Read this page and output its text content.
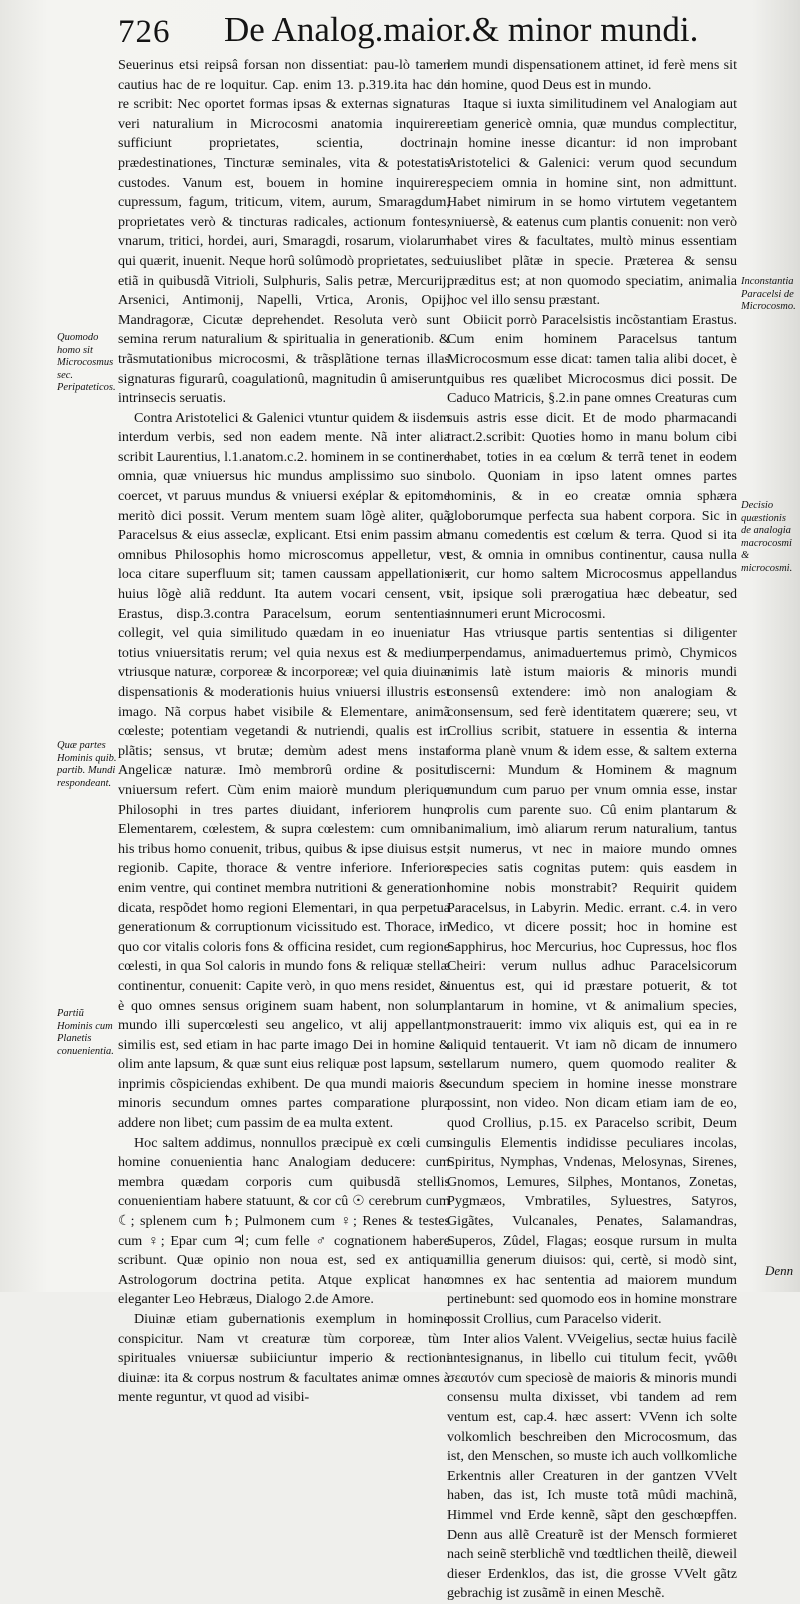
726 De Analog.maior.& minor mundi.

Seuerinus etsi reipsâ forsan non dissentiat: pau-lò tamen cautius hac de re loquitur. Cap. enim 13. p.319.ita hac de re scribit: Nec oportet formas ipsas & externas signaturas veri naturalium in Microcosmi anatomia inquirere: sufficiunt proprietates, scientia, doctrina, prædestinationes, Tincturæ seminales, vita & potestatis custodes. Vanum est, bouem in homine inquirere, cupressum, fagum, triticum, vitem, aurum, Smaragdum, proprietates verò & tincturas radicales, actionum fontes, vnarum, tritici, hordei, auri, Smaragdi, rosarum, violarum qui quærit, inuenit. Neque horû solûmodò proprietates, sed etiã in quibusdã Vitrioli, Sulphuris, Salis petræ, Mercurij, Arsenici, Antimonij, Napelli, Vrtica, Aronis, Opij, Mandragoræ, Cicutæ deprehendet. Resoluta verò sunt semina rerum naturalium & spiritualia in generationib. & trãsmutationibus microcosmi, & trãsplãtione ternas illas signaturas figurarû, coagulationû, magnitudin û amiserunt, intrinsecis seruatis.

Contra Aristotelici & Galenici vtuntur quidem & iisdem interdum verbis, sed non eadem mente. Nã inter alia scribit Laurentius, l.1.anatom.c.2. hominem in se continere omnia, quæ vniuersus hic mundus amplissimo suo sinu coercet, vt paruus mundus & vniuersi exéplar & epitome meritò dici possit. Verum mentem suam lõgè aliter, quã Paracelsus & eius asseclæ, explicant. Etsi enim passim ab omnibus Philosophis homo microscomus appelletur, vt loca citare superfluum sit; tamen caussam appellationis huius lõgè aliã reddunt. Ita autem vocari censent, vt Erastus, disp.3.contra Paracelsum, eorum sententias collegit, vel quia similitudo quædam in eo inueniatur totius vniuersitatis rerum; vel quia nexus est & medium vtriusque naturæ, corporeæ & incorporeæ; vel quia diuinæ dispensationis & moderationis huius vniuersi illustris est imago. Nã corpus habet visibile & Elementare, animã cœleste; potentiam vegetandi & nutriendi, qualis est in plãtis; sensus, vt brutæ; demùm adest mens instar Angelicæ naturæ. Imò membrorû ordine & positu vniuersum refert. Cùm enim maiorè mundum plerique Philosophi in tres partes diuidant, inferiorem hunc Elementarem, cœlestem, & supra cœlestem: cum omnib. his tribus homo conuenit, tribus, quibus & ipse diuisus est, regionib. Capite, thorace & ventre inferiore. Inferiore enim ventre, qui continet membra nutritioni & generationi dicata, respõdet homo regioni Elementari, in qua perpetua generationum & corruptionum vicissitudo est. Thorace, in quo cor vitalis coloris fons & officina residet, cum regione cœlesti, in qua Sol caloris in mundo fons & reliquæ stellæ continentur, conuenit: Capite verò, in quo mens residet, & è quo omnes sensus originem suam habent, non solum mundo illi supercœlesti seu angelico, vt alij appellant, similis est, sed etiam in hac parte imago Dei in homine & olim ante lapsum, & quæ sunt eius reliquæ post lapsum, se inprimis cõspiciendas exhibent. De qua mundi maioris & minoris secundum omnes partes comparatione plura addere non libet; cum passim de ea multa extent.

Hoc saltem addimus, nonnullos præcipuè ex cœli cum homine conuenientia hanc Analogiam deducere: cum membra quædam corporis cum quibusdã stellis conuenientiam habere statuunt, & cor cû ☉ cerebrum cum ☾; splenem cum ♄; Pulmonem cum ♀; Renes & testes cum ♀; Epar cum ♃; cum felle ♂ cognationem habere scribunt. Quæ opinio non noua est, sed ex antiqua Astrologorum doctrina petita. Atque explicat hanc eleganter Leo Hebræus, Dialogo 2.de Amore.

Diuinæ etiam gubernationis exemplum in homine conspicitur. Nam vt creaturæ tùm corporeæ, tùm spirituales vniuersæ subiiciuntur imperio & rectioni diuinæ: ita & corpus nostrum & facultates animæ omnes à mente reguntur, vt quod ad visibi-

lem mundi dispensationem attinet, id ferè mens sit in homine, quod Deus est in mundo.

Itaque si iuxta similitudinem vel Analogiam aut etiam genericè omnia, quæ mundus complectitur, in homine inesse dicantur: id non improbant Aristotelici & Galenici: verum quod secundum speciem omnia in homine sint, non admittunt. Habet nimirum in se homo virtutem vegetantem vniuersè, & eatenus cum plantis conuenit: non verò habet vires & facultates, multò minus essentiam cuiuslibet plãtæ in specie. Præterea & sensu præditus est; at non quomodo speciatim, animalia hoc vel illo sensu præstant.

Obiicit porrò Paracelsistis incõstantiam Erastus. Cum enim hominem Paracelsus tantum Microcosmum esse dicat: tamen talia alibi docet, è quibus res quælibet Microcosmus dici possit. De Caduco Matricis, §.2.in pane omnes Creaturas cum suis astris esse dicit. Et de modo pharmacandi tract.2.scribit: Quoties homo in manu bolum cibi habet, toties in ea cœlum & terrã tenet in eodem bolo. Quoniam in ipso latent omnes partes hominis, & in eo creatæ omnia sphæra globorumque perfecta sua habent corpora. Sic in manu comedentis est cœlum & terra. Quod si ita est, & omnia in omnibus continentur, causa nulla erit, cur homo saltem Microcosmus appellandus sit, ipsique soli prærogatiua hæc debeatur, sed innumeri erunt Microcosmi.

Has vtriusque partis sententias si diligenter perpendamus, animaduertemus primò, Chymicos nimis latè istum maioris & minoris mundi consensû extendere: imò non analogiam & consensum, sed ferè identitatem quærere; seu, vt Crollius scribit, statuere in essentia & interna forma planè vnum & idem esse, & saltem externa discerni: Mundum & Hominem & magnum mundum cum paruo per vnum omnia esse, instar prolis cum parente suo. Cû enim plantarum & animalium, imò aliarum rerum naturalium, tantus sit numerus, vt nec in maiore mundo omnes species satis cognitas putem: quis easdem in homine nobis monstrabit? Requirit quidem Paracelsus, in Labyrin. Medic. errant. c.4. in vero Medico, vt dicere possit; hoc in homine est Sapphirus, hoc Mercurius, hoc Cupressus, hoc flos Cheiri: verum nullus adhuc Paracelsicorum inuentus est, qui id præstare potuerit, & tot plantarum in homine, vt & animalium species, monstrauerit: immo vix aliquis est, qui ea in re aliquid tentauerit. Vt iam nõ dicam de innumero stellarum numero, quem quomodo realiter & secundum speciem in homine inesse monstrare possint, non video. Non dicam etiam iam de eo, quod Crollius, p.15. ex Paracelso scribit, Deum singulis Elementis indidisse peculiares incolas, Spiritus, Nymphas, Vndenas, Melosynas, Sirenes, Gnomos, Lemures, Silphes, Montanos, Zonetas, Pygmæos, Vmbratiles, Syluestres, Satyros, Gigãtes, Vulcanales, Penates, Salamandras, Superos, Zûdel, Flagas; eosque rursum in multa millia generum diuisos: qui, certè, si modò sint, omnes ex hac sententia ad maiorem mundum pertinebunt: sed quomodo eos in homine monstrare possit Crollius, cum Paracelso viderit.

Inter alios Valent. VVeigelius, sectæ huius facilè antesignanus, in libello cui titulum fecit, γνῶθι σεαυτόν cum speciosè de maioris & minoris mundi consensu multa dixisset, vbi tandem ad rem ventum est, cap.4. hæc assert: VVenn ich solte volkomlich beschreiben den Microcosmum, das ist, den Menschen, so muste ich auch vollkomliche Erkentnis aller Creaturen in der gantzen VVelt haben, das ist, Ich muste totã mûdi machinã, Himmel vnd Erde kennẽ, sãpt den geschœpffen. Denn aus allẽ Creaturẽ ist der Mensch formieret nach seinẽ sterblichẽ vnd tœdtlichen theilẽ, dieweil dieser Erdenklos, das ist, die grosse VVelt gãtz gebrachig ist zusãmẽ in einen Meschẽ.

Quomodo homo sit Microcosmus sec. Peripateticos.
Quæ partes Hominis quib. partib. Mundi respondeant.
Partiũ Hominis cum Planetis conuenientia.
Inconstantia Paracelsi de Microcosmo.
Decisio quæstionis de analogia macrocosmi & microcosmi.
Denn
